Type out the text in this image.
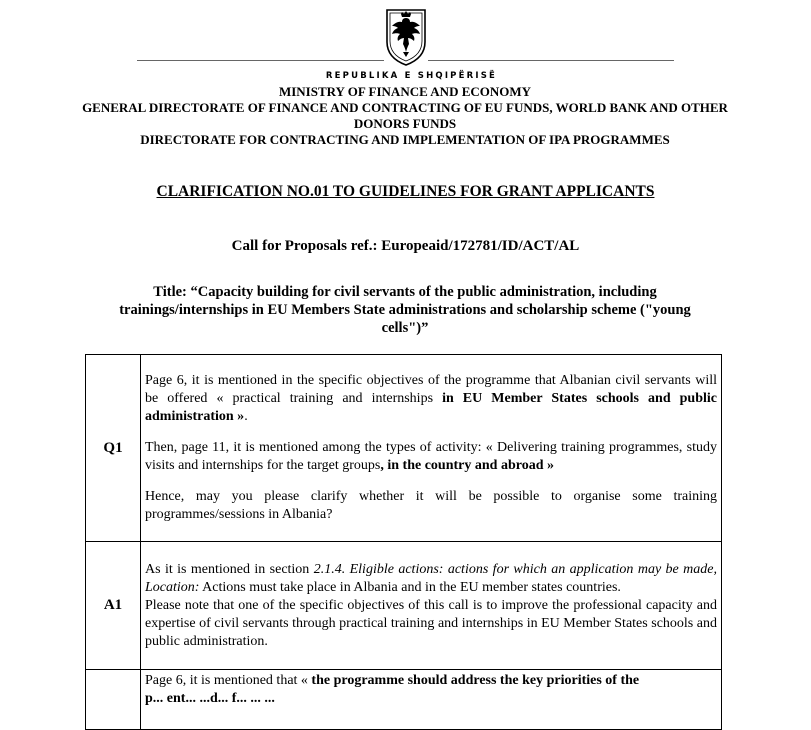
REPUBLIKA E SHQIPËRISË
MINISTRY OF FINANCE AND ECONOMY
GENERAL DIRECTORATE OF FINANCE AND CONTRACTING OF EU FUNDS, WORLD BANK AND OTHER DONORS FUNDS
DIRECTORATE FOR CONTRACTING AND IMPLEMENTATION OF IPA PROGRAMMES
CLARIFICATION NO.01 TO GUIDELINES FOR GRANT APPLICANTS
Call for Proposals ref.: Europeaid/172781/ID/ACT/AL
Title: “Capacity building for civil servants of the public administration, including trainings/internships in EU Members State administrations and scholarship scheme ("young cells")”
Q1	Page 6, it is mentioned in the specific objectives of the programme that Albanian civil servants will be offered « practical training and internships in EU Member States schools and public administration ».

Then, page 11, it is mentioned among the types of activity: « Delivering training programmes, study visits and internships for the target groups, in the country and abroad »

Hence, may you please clarify whether it will be possible to organise some training programmes/sessions in Albania?

A1	As it is mentioned in section 2.1.4. Eligible actions: actions for which an application may be made, Location: Actions must take place in Albania and in the EU member states countries.

Please note that one of the specific objectives of this call is to improve the professional capacity and expertise of civil servants through practical training and internships in EU Member States schools and public administration.

	Page 6, it is mentioned that « the programme should address the key priorities of the

p... ent... ...d... f... ... ...
